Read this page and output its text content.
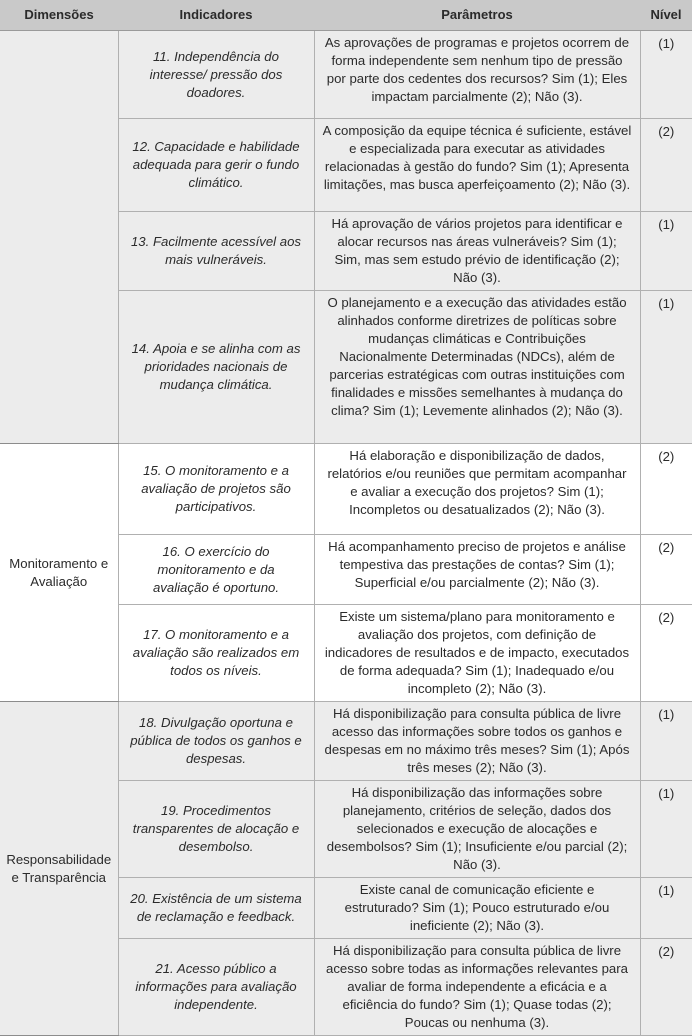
Dimensões	Indicadores	Parâmetros	Nível
	11. Independência do interesse/ pressão dos doadores.	As aprovações de programas e projetos ocorrem de forma independente sem nenhum tipo de pressão por parte dos cedentes dos recursos? Sim (1); Eles impactam parcialmente (2); Não (3).	(1)
	12. Capacidade e habilidade adequada para gerir o fundo climático.	A composição da equipe técnica é suficiente, estável e especializada para executar as atividades relacionadas à gestão do fundo? Sim (1); Apresenta limitações, mas busca aperfeiçoamento (2); Não (3).	(2)
	13. Facilmente acessível aos mais vulneráveis.	Há aprovação de vários projetos para identificar e alocar recursos nas áreas vulneráveis? Sim (1); Sim, mas sem estudo prévio de identificação (2); Não (3).	(1)
	14. Apoia e se alinha com as prioridades nacionais de mudança climática.	O planejamento e a execução das atividades estão alinhados conforme diretrizes de políticas sobre mudanças climáticas e Contribuições Nacionalmente Determinadas (NDCs), além de parcerias estratégicas com outras instituições com finalidades e missões semelhantes à mudança do clima? Sim (1); Levemente alinhados (2); Não (3).	(1)
Monitoramento e Avaliação	15. O monitoramento e a avaliação de projetos são participativos.	Há elaboração e disponibilização de dados, relatórios e/ou reuniões que permitam acompanhar e avaliar a execução dos projetos? Sim (1); Incompletos ou desatualizados (2); Não (3).	(2)
	16. O exercício do monitoramento e da avaliação é oportuno.	Há acompanhamento preciso de projetos e análise tempestiva das prestações de contas? Sim (1); Superficial e/ou parcialmente (2); Não (3).	(2)
	17. O monitoramento e a avaliação são realizados em todos os níveis.	Existe um sistema/plano para monitoramento e avaliação dos projetos, com definição de indicadores de resultados e de impacto, executados de forma adequada? Sim (1); Inadequado e/ou incompleto (2); Não (3).	(2)
Responsabilidade e Transparência	18. Divulgação oportuna e pública de todos os ganhos e despesas.	Há disponibilização para consulta pública de livre acesso das informações sobre todos os ganhos e despesas em no máximo três meses? Sim (1); Após três meses (2); Não (3).	(1)
	19. Procedimentos transparentes de alocação e desembolso.	Há disponibilização das informações sobre planejamento, critérios de seleção, dados dos selecionados e execução de alocações e desembolsos? Sim (1); Insuficiente e/ou parcial (2); Não (3).	(1)
	20. Existência de um sistema de reclamação e feedback.	Existe canal de comunicação eficiente e estruturado? Sim (1); Pouco estruturado e/ou ineficiente (2); Não (3).	(1)
	21. Acesso público a informações para avaliação independente.	Há disponibilização para consulta pública de livre acesso sobre todas as informações relevantes para avaliar de forma independente a eficácia e a eficiência do fundo? Sim (1); Quase todas (2); Poucas ou nenhuma (3).	(2)
